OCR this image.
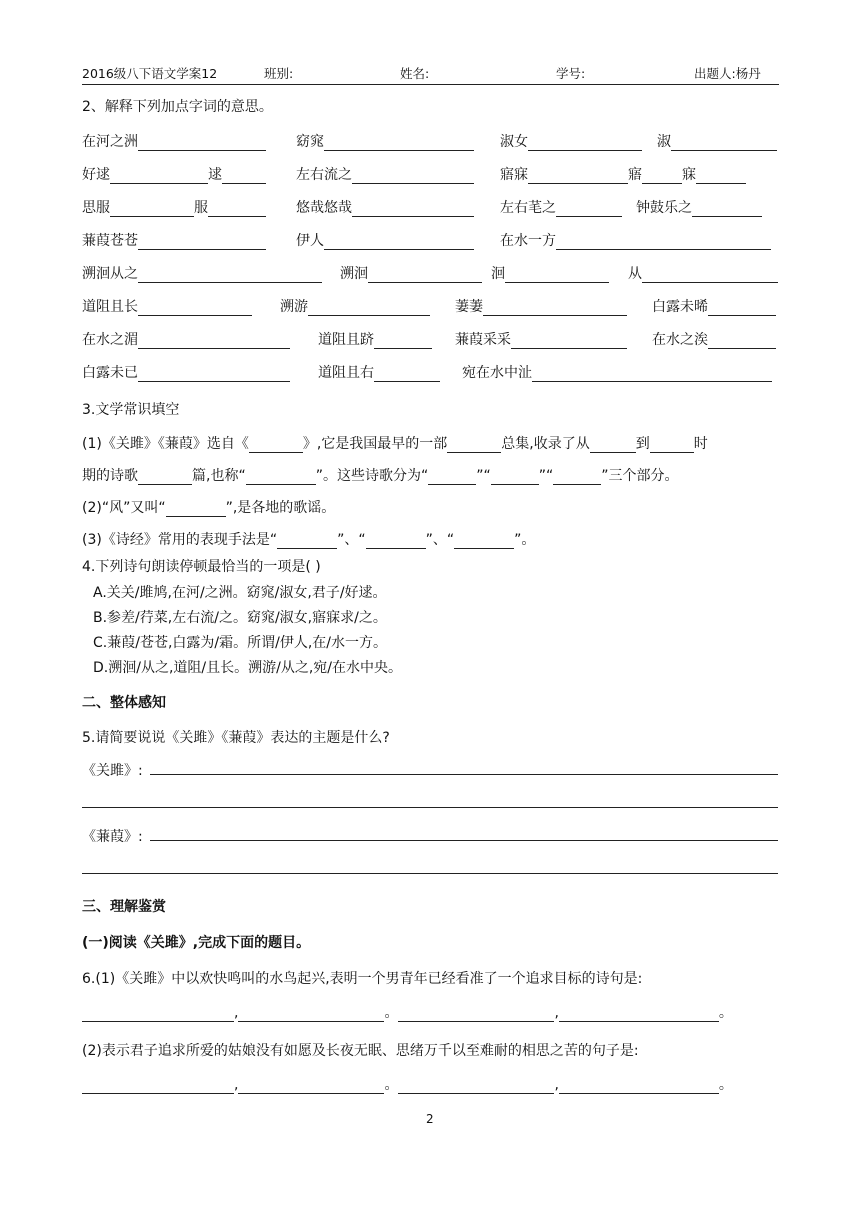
2016级八下语文学案12	班别:	姓名:	学号:	出题人:杨丹
2、解释下列加点字词的意思。
在河之洲	窈窕	淑女	淑
好逑	逑	左右流之	寤寐	寤	寐
思服	服	悠哉悠哉	左右芼之	钟鼓乐之
蒹葭苍苍	伊人	在水一方
溯洄从之	溯洄	洄	从
道阻且长	溯游	萋萋	白露未晞
在水之湄	道阻且跻	蒹葭采采	在水之涘
白露未已	道阻且右	宛在水中沚
3.文学常识填空
(1)《关雎》《蒹葭》选自《	》,它是我国最早的一部	总集,收录了从	到	时
期的诗歌	篇,也称“	”。这些诗歌分为“	”“	”“	”三个部分。
(2)“风”又叫“	”,是各地的歌谣。
(3)《诗经》常用的表现手法是“	”、“	”、“	”。
4.下列诗句朗读停顿最恰当的一项是( )
A.关关/雎鸠,在河/之洲。窈窕/淑女,君子/好逑。
B.参差/荇菜,左右流/之。窈窕/淑女,寤寐求/之。
C.蒹葭/苍苍,白露为/霜。所谓/伊人,在/水一方。
D.溯洄/从之,道阻/且长。溯游/从之,宛/在水中央。
二、整体感知
5.请简要说说《关雎》《蒹葭》表达的主题是什么?
《关雎》:
《蒹葭》:
三、理解鉴赏
(一)阅读《关雎》,完成下面的题目。
6.(1)《关雎》中以欢快鸣叫的水鸟起兴,表明一个男青年已经看准了一个追求目标的诗句是:
,	。	,	。
(2)表示君子追求所爱的姑娘没有如愿及长夜无眠、思绪万千以至难耐的相思之苦的句子是:
,	。	,	。
2
